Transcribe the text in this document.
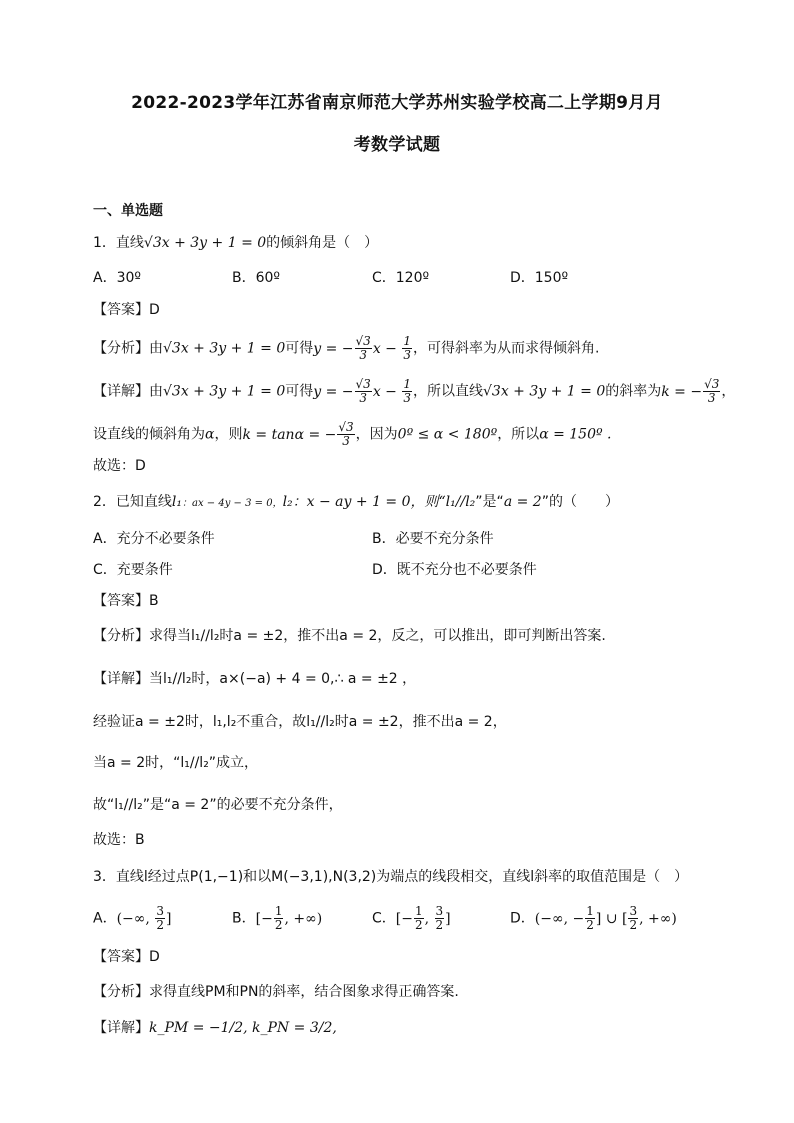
2022-2023学年江苏省南京师范大学苏州实验学校高二上学期9月月
考数学试题
一、单选题
1．直线√3x + 3y + 1 = 0的倾斜角是（　）
A．30º	B．60º	C．120º	D．150º
【答案】D
【分析】由√3x + 3y + 1 = 0可得y = − $\frac{√3}{3}$ $x - \frac{1}{3}$ ，可得斜率为从而求得倾斜角.
【详解】由√3x + 3y + 1 = 0可得y = − $\frac{√3}{3}$ $x - \frac{1}{3}$ ，所以直线√3x + 3y + 1 = 0的斜率为k = − $\frac{√3}{3}$ ，
设直线的倾斜角为α，则k = tanα = − $\frac{√3}{3}$ ，因为0º ≤ α < 180º，所以α = 150º .
故选：D
2．已知直线l₁：ax − 4y − 3 = 0，l₂：x − ay + 1 = 0，则“l₁//l₂”是“a = 2”的（　　）
A．充分不必要条件	B．必要不充分条件
C．充要条件	D．既不充分也不必要条件
【答案】B
【分析】求得当l₁//l₂时a = ±2，推不出a = 2，反之，可以推出，即可判断出答案.
【详解】当l₁//l₂时，a×(−a) + 4 = 0,∴ a = ±2 ，
经验证a = ±2时，l₁,l₂不重合，故l₁//l₂时a = ±2，推不出a = 2，
当a = 2时，“l₁//l₂”成立，
故“l₁//l₂”是“a = 2”的必要不充分条件，
故选：B
3．直线l经过点P(1,−1)和以M(−3,1),N(3,2)为端点的线段相交，直线l斜率的取值范围是（　）
A．(−∞, $\frac{3}{2}$ ]	B．[− $\frac{1}{2}$ , +∞)	C．[− $\frac{1}{2}$ , $\frac{3}{2}$ ]	D．(−∞, − $\frac{1}{2}$ ] ∪ [ $\frac{3}{2}$ , +∞)
【答案】D
【分析】求得直线PM和PN的斜率，结合图象求得正确答案.
【详解】k_PM = −1/2, k_PN = 3/2,
